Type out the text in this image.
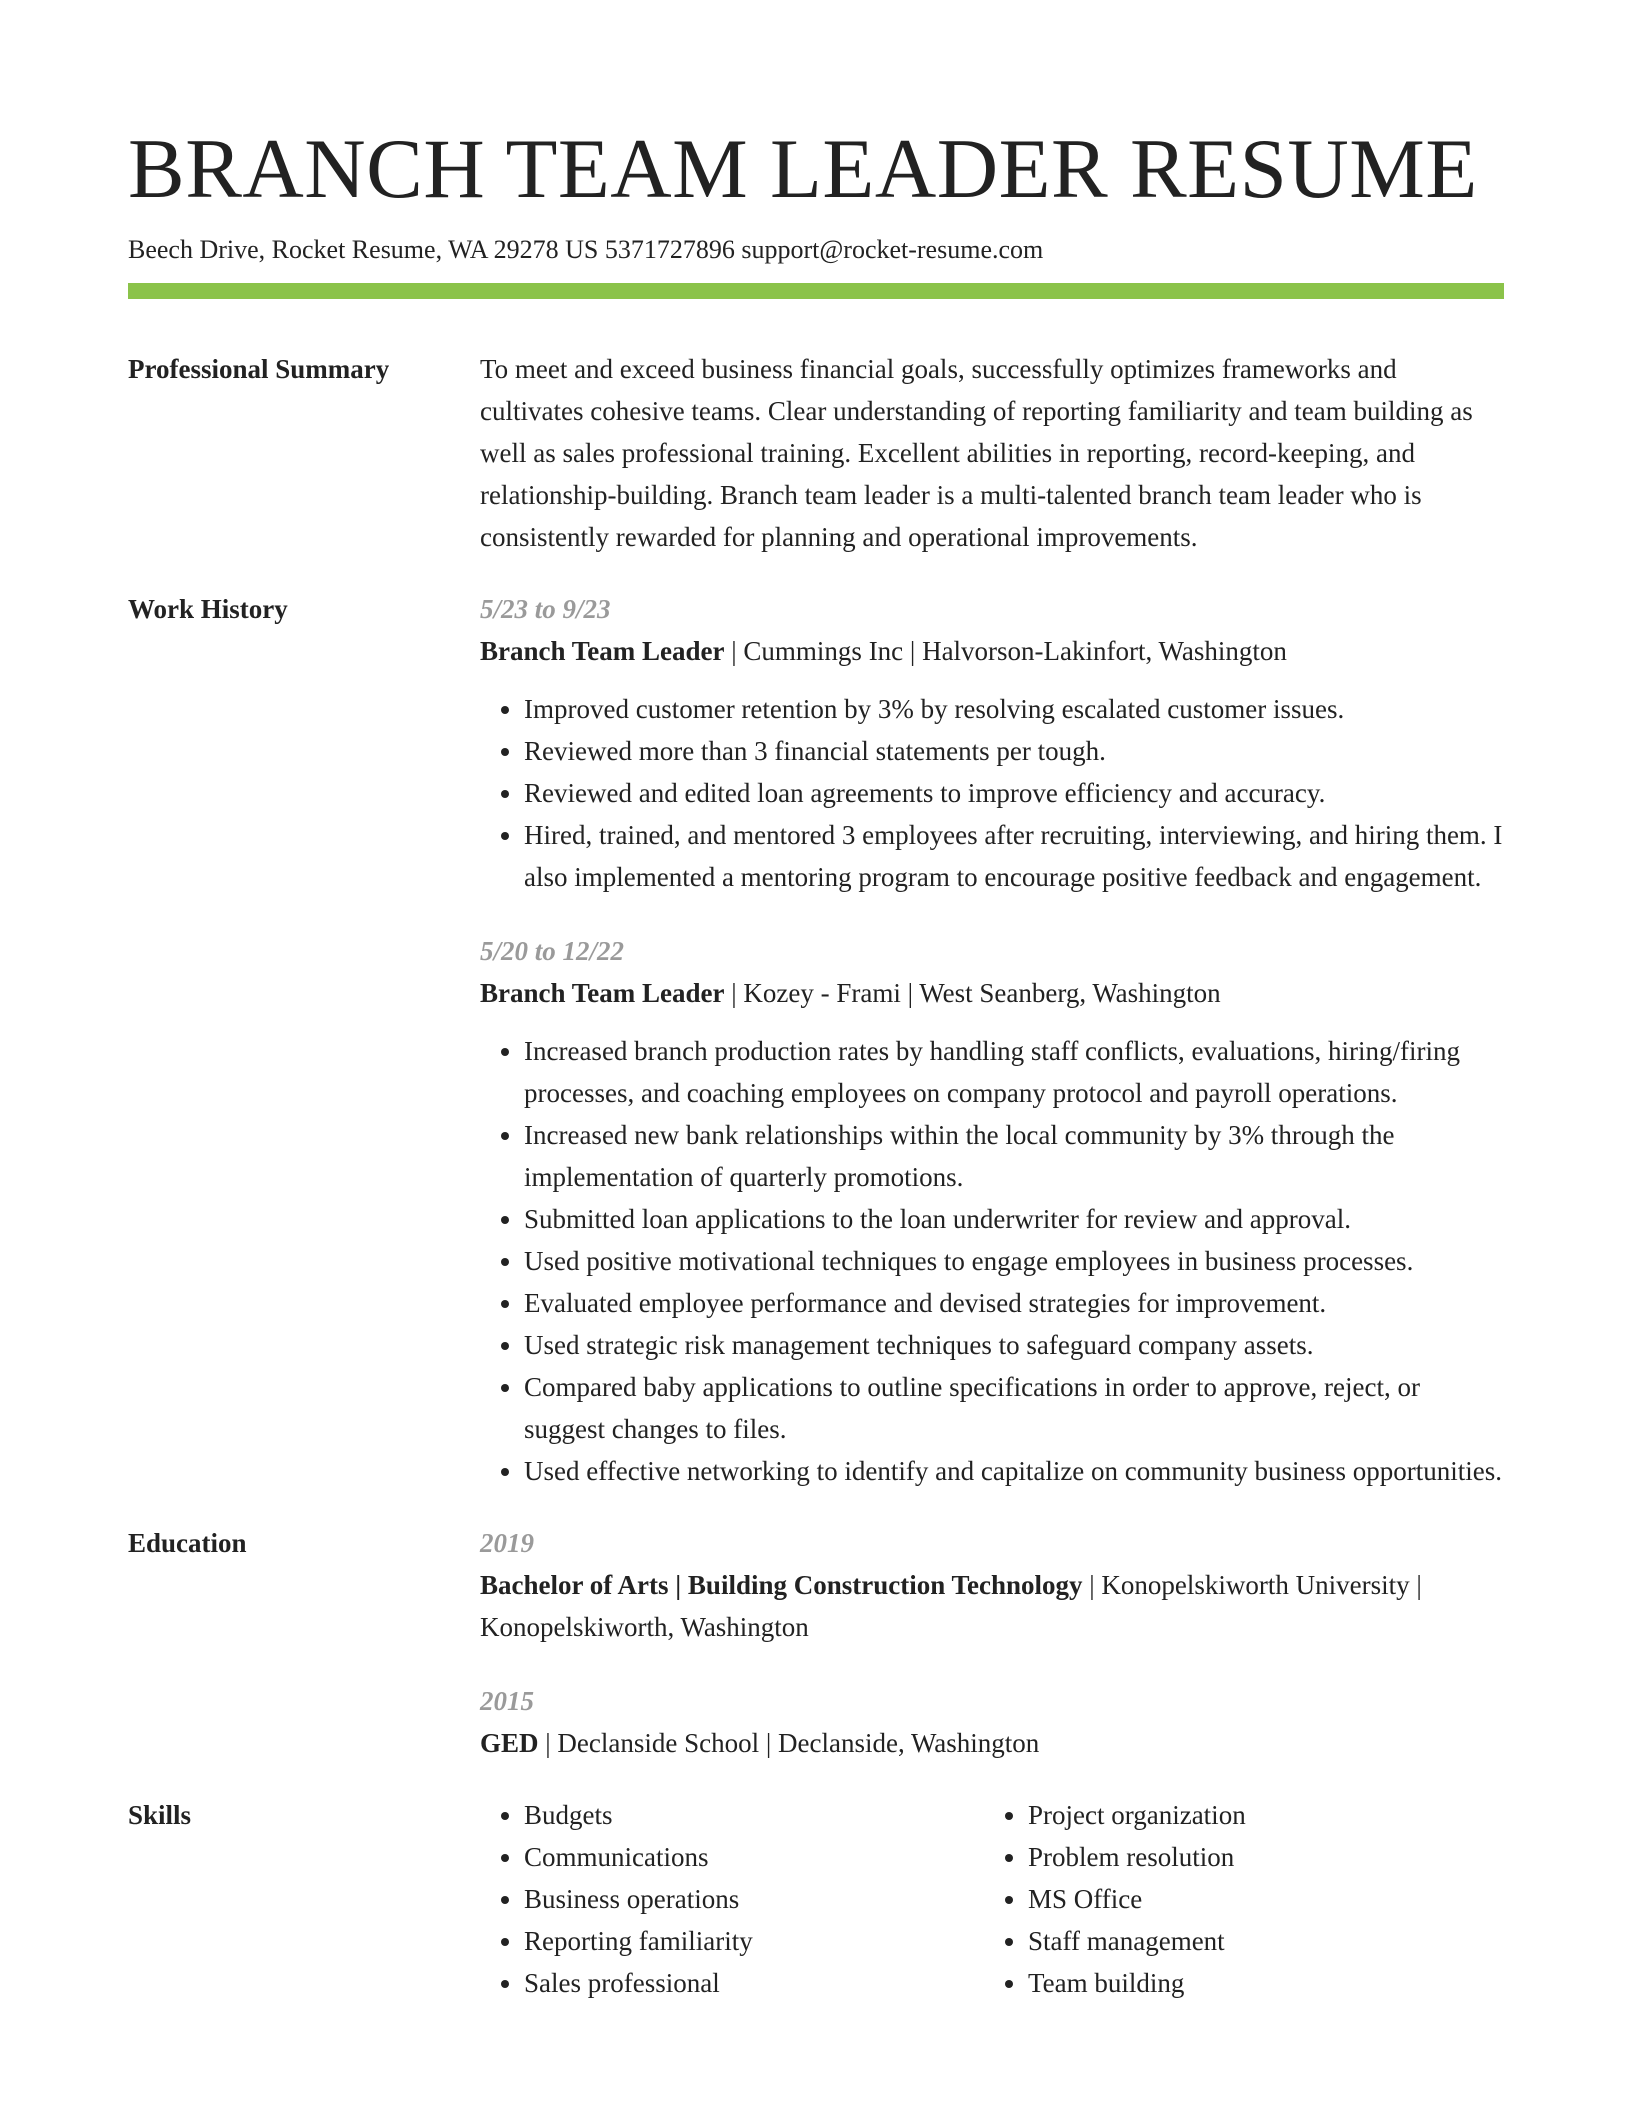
BRANCH TEAM LEADER RESUME
Beech Drive, Rocket Resume, WA 29278 US 5371727896 support@rocket-resume.com
Professional Summary	To meet and exceed business financial goals, successfully optimizes frameworks and cultivates cohesive teams. Clear understanding of reporting familiarity and team building as well as sales professional training. Excellent abilities in reporting, record-keeping, and relationship-building. Branch team leader is a multi-talented branch team leader who is consistently rewarded for planning and operational improvements.

Work History	5/23 to 9/23
Branch Team Leader | Cummings Inc | Halvorson-Lakinfort, Washington
• Improved customer retention by 3% by resolving escalated customer issues.
• Reviewed more than 3 financial statements per tough.
• Reviewed and edited loan agreements to improve efficiency and accuracy.
• Hired, trained, and mentored 3 employees after recruiting, interviewing, and hiring them. I also implemented a mentoring program to encourage positive feedback and engagement.
5/20 to 12/22
Branch Team Leader | Kozey - Frami | West Seanberg, Washington
• Increased branch production rates by handling staff conflicts, evaluations, hiring/firing processes, and coaching employees on company protocol and payroll operations.
• Increased new bank relationships within the local community by 3% through the implementation of quarterly promotions.
• Submitted loan applications to the loan underwriter for review and approval.
• Used positive motivational techniques to engage employees in business processes.
• Evaluated employee performance and devised strategies for improvement.
• Used strategic risk management techniques to safeguard company assets.
• Compared baby applications to outline specifications in order to approve, reject, or suggest changes to files.
• Used effective networking to identify and capitalize on community business opportunities.
Education	2019
Bachelor of Arts | Building Construction Technology | Konopelskiworth University | Konopelskiworth, Washington
2015
GED | Declanside School | Declanside, Washington
Skills
•	Budgets
• Communications
• Business operations
• Reporting familiarity
• Sales professional
• Project organization
• Problem resolution
• MS Office
• Staff management
• Team building
